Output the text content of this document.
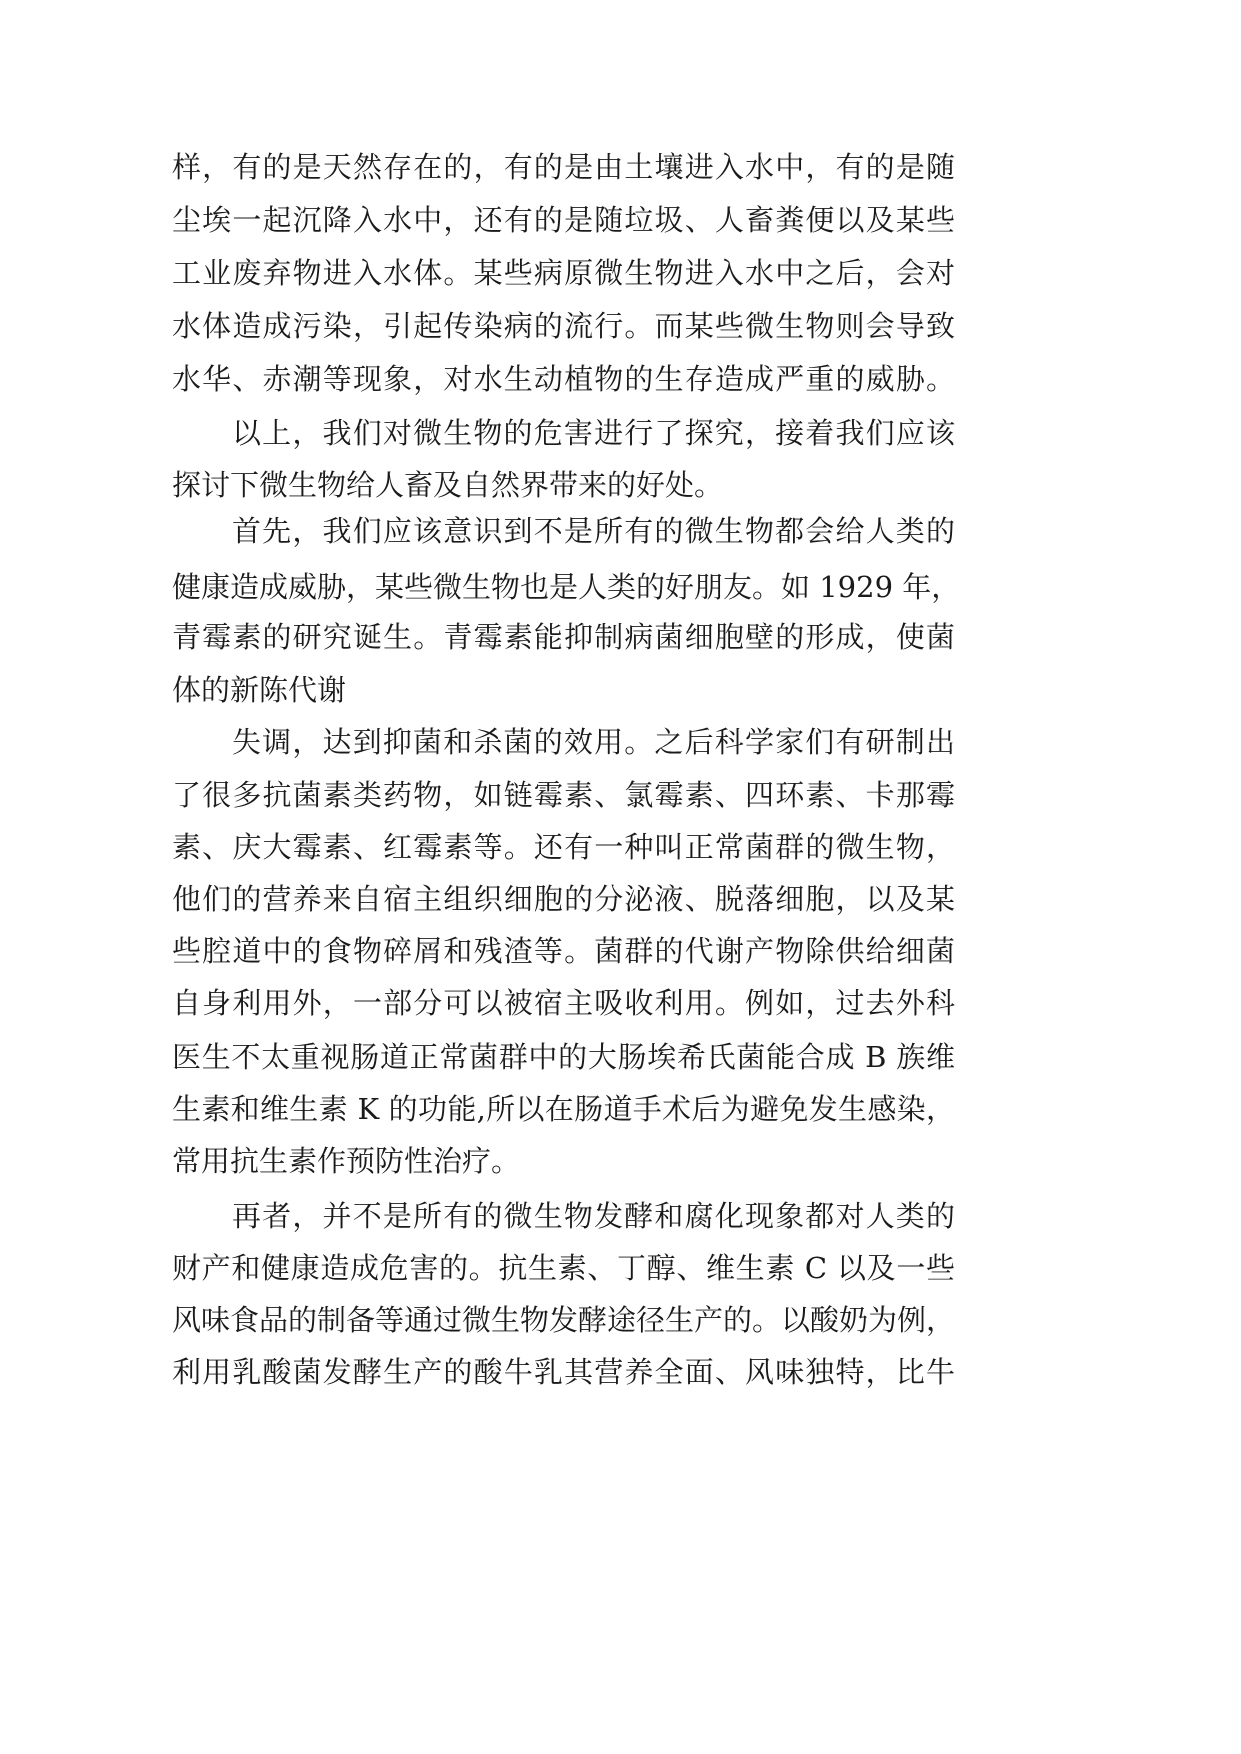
样，有的是天然存在的，有的是由土壤进入水中，有的是随
尘埃一起沉降入水中，还有的是随垃圾、人畜粪便以及某些
工业废弃物进入水体。某些病原微生物进入水中之后，会对
水体造成污染，引起传染病的流行。而某些微生物则会导致
水华、赤潮等现象，对水生动植物的生存造成严重的威胁。
以上，我们对微生物的危害进行了探究，接着我们应该
探讨下微生物给人畜及自然界带来的好处。
首先，我们应该意识到不是所有的微生物都会给人类的
健康造成威胁，某些微生物也是人类的好朋友。如 1929 年，
青霉素的研究诞生。青霉素能抑制病菌细胞壁的形成，使菌
体的新陈代谢
失调，达到抑菌和杀菌的效用。之后科学家们有研制出
了很多抗菌素类药物，如链霉素、氯霉素、四环素、卡那霉
素、庆大霉素、红霉素等。还有一种叫正常菌群的微生物，
他们的营养来自宿主组织细胞的分泌液、脱落细胞，以及某
些腔道中的食物碎屑和残渣等。菌群的代谢产物除供给细菌
自身利用外，一部分可以被宿主吸收利用。例如，过去外科
医生不太重视肠道正常菌群中的大肠埃希氏菌能合成 B 族维
生素和维生素 K 的功能,所以在肠道手术后为避免发生感染，
常用抗生素作预防性治疗。
再者，并不是所有的微生物发酵和腐化现象都对人类的
财产和健康造成危害的。抗生素、丁醇、维生素 C 以及一些
风味食品的制备等通过微生物发酵途径生产的。以酸奶为例，
利用乳酸菌发酵生产的酸牛乳其营养全面、风味独特，比牛
